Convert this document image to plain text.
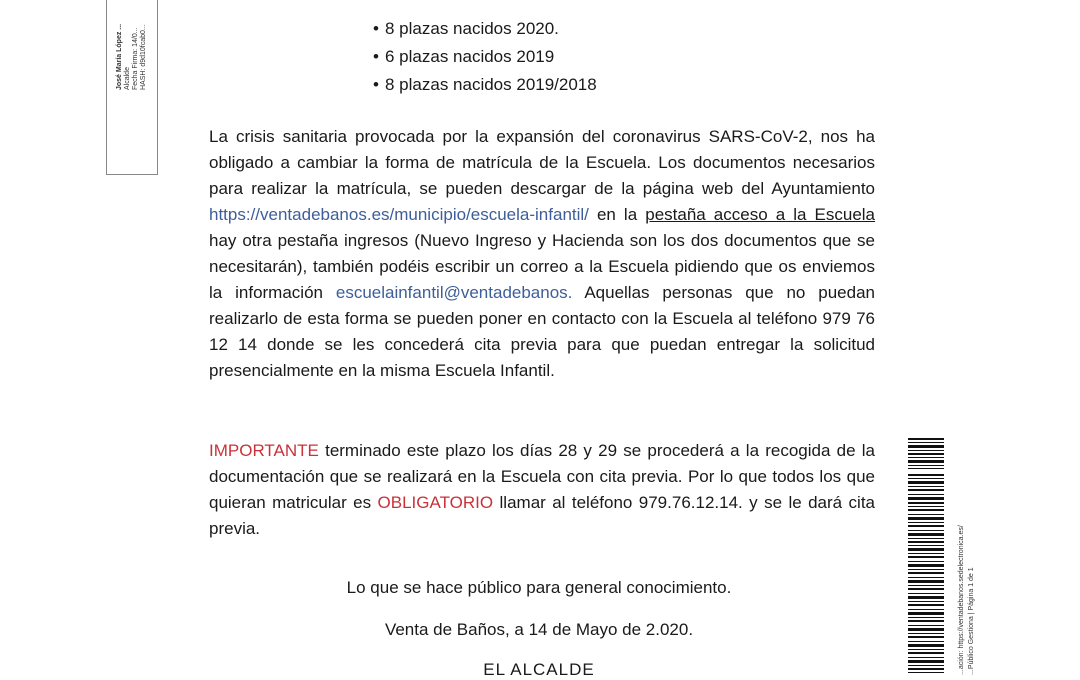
José María López ... Alcalde Fecha Firma: 14/0... HASH: d9d10fcab0...
•	8 plazas nacidos 2020.
• 6 plazas nacidos 2019
• 8 plazas nacidos 2019/2018

La crisis sanitaria provocada por la expansión del coronavirus SARS-CoV-2, nos ha obligado a cambiar la forma de matrícula de la Escuela. Los documentos necesarios para realizar la matrícula, se pueden descargar de la página web del Ayuntamiento https://ventadebanos.es/municipio/escuela-infantil/ en la pestaña acceso a la Escuela hay otra pestaña ingresos (Nuevo Ingreso y Hacienda son los dos documentos que se necesitarán), también podéis escribir un correo a la Escuela pidiendo que os enviemos la información escuelainfantil@ventadebanos. Aquellas personas que no puedan realizarlo de esta forma se pueden poner en contacto con la Escuela al teléfono 979 76 12 14 donde se les concederá cita previa para que puedan entregar la solicitud presencialmente en la misma Escuela Infantil.

IMPORTANTE terminado este plazo los días 28 y 29 se procederá a la recogida de la documentación que se realizará en la Escuela con cita previa. Por lo que todos los que quieran matricular es OBLIGATORIO llamar al teléfono 979.76.12.14. y se le dará cita previa.

Lo que se hace público para general conocimiento.
Venta de Baños, a 14 de Mayo de 2.020.
EL ALCALDE	...ación: https://ventadebanos.sedelectronica.es/ ...Público Gestiona | Página 1 de 1
